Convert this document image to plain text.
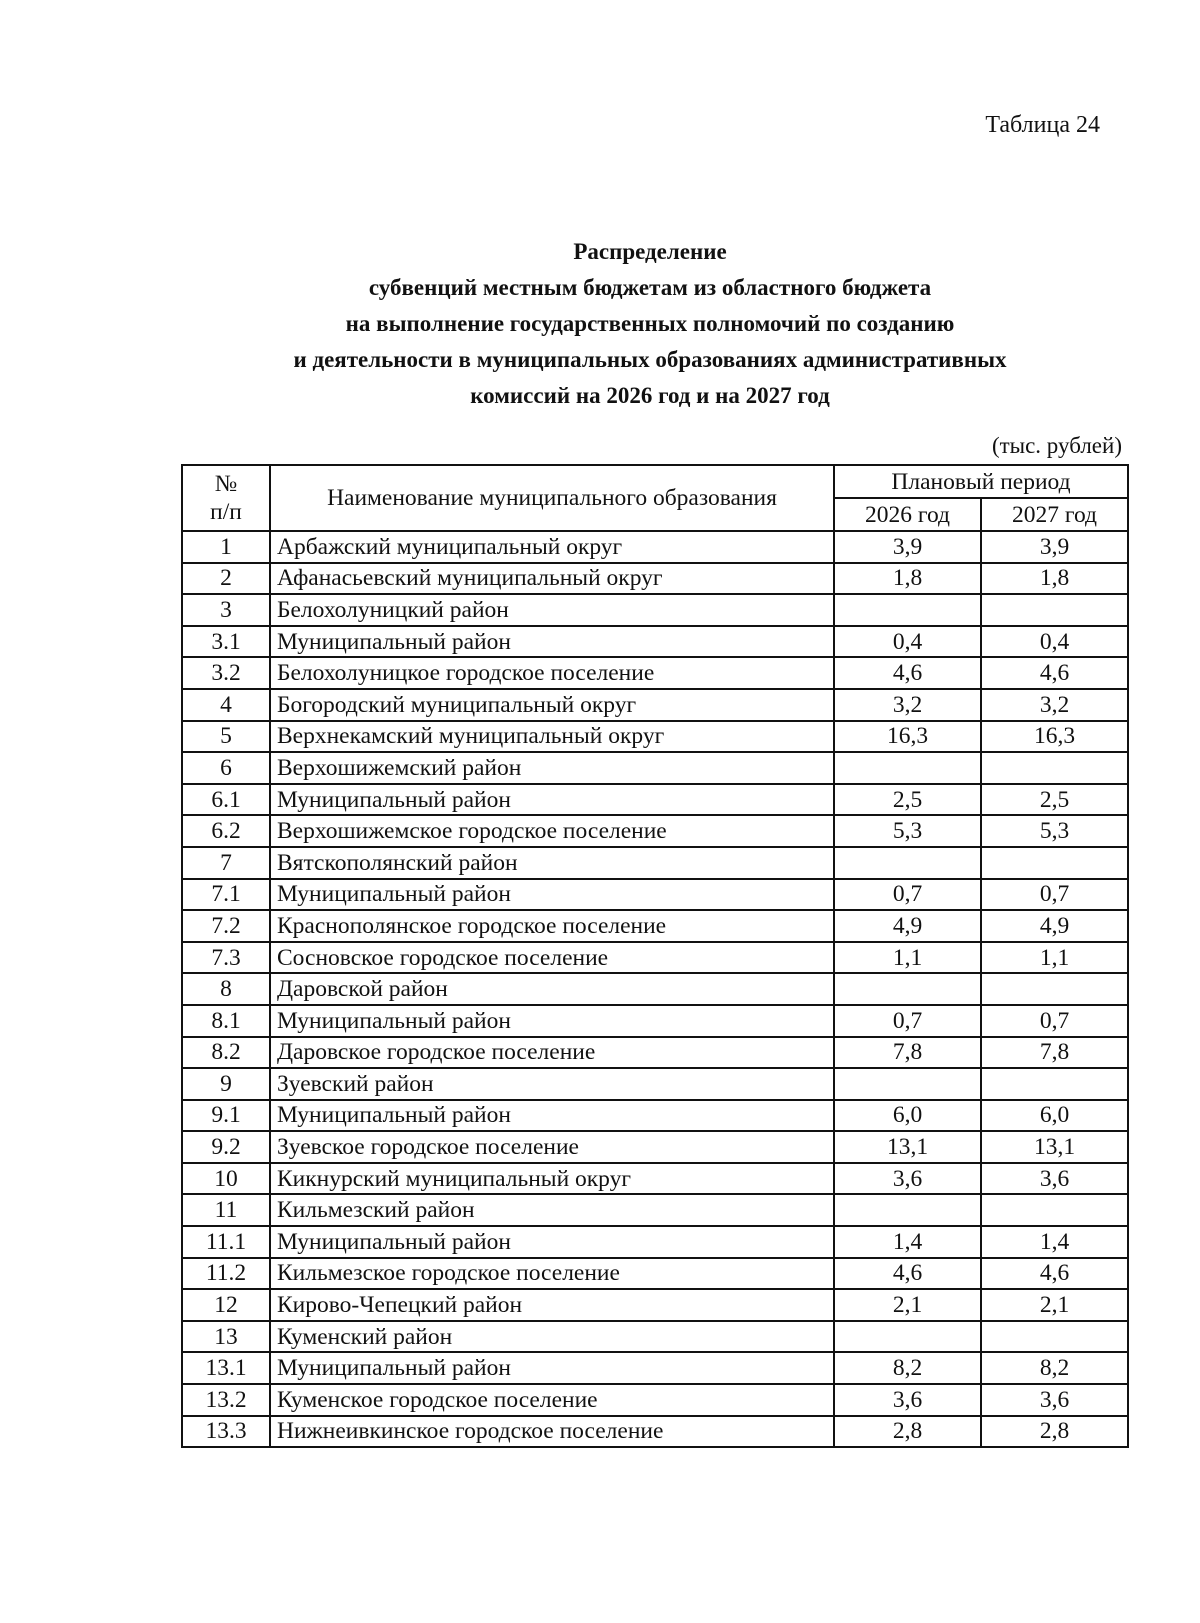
Таблица 24
Распределение
субвенций местным бюджетам из областного бюджета
на выполнение государственных полномочий по созданию
и деятельности в муниципальных образованиях административных
комиссий на 2026 год и на 2027 год
(тыс. рублей)
№
п/п	Наименование муниципального образования	Плановый период	
		2026 год	2027 год
1	Арбажский муниципальный округ	3,9	3,9
2	Афанасьевский муниципальный округ	1,8	1,8
3	Белохолуницкий район		
3.1	Муниципальный район	0,4	0,4
3.2	Белохолуницкое городское поселение	4,6	4,6
4	Богородский муниципальный округ	3,2	3,2
5	Верхнекамский муниципальный округ	16,3	16,3
6	Верхошижемский район		
6.1	Муниципальный район	2,5	2,5
6.2	Верхошижемское городское поселение	5,3	5,3
7	Вятскополянский район		
7.1	Муниципальный район	0,7	0,7
7.2	Краснополянское городское поселение	4,9	4,9
7.3	Сосновское городское поселение	1,1	1,1
8	Даровской район		
8.1	Муниципальный район	0,7	0,7
8.2	Даровское городское поселение	7,8	7,8
9	Зуевский район		
9.1	Муниципальный район	6,0	6,0
9.2	Зуевское городское поселение	13,1	13,1
10	Кикнурский муниципальный округ	3,6	3,6
11	Кильмезский район		
11.1	Муниципальный район	1,4	1,4
11.2	Кильмезское городское поселение	4,6	4,6
12	Кирово-Чепецкий район	2,1	2,1
13	Куменский район		
13.1	Муниципальный район	8,2	8,2
13.2	Куменское городское поселение	3,6	3,6
13.3	Нижнеивкинское городское поселение	2,8	2,8
